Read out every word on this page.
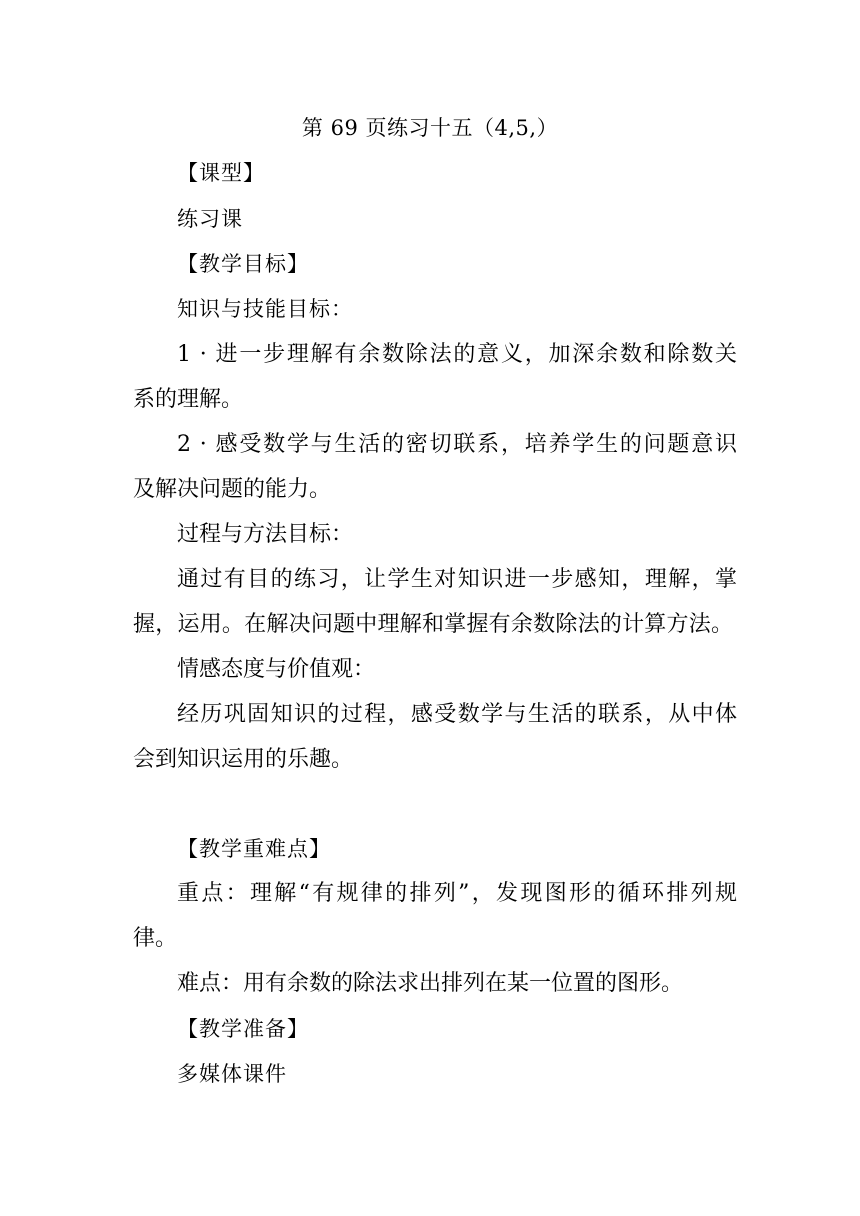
第 69 页练习十五（4,5,）
【课型】
练习课
【教学目标】
知识与技能目标：
1 · 进一步理解有余数除法的意义，加深余数和除数关
系的理解。
2 · 感受数学与生活的密切联系，培养学生的问题意识
及解决问题的能力。
过程与方法目标：
通过有目的练习，让学生对知识进一步感知，理解，掌
握，运用。在解决问题中理解和掌握有余数除法的计算方法。
情感态度与价值观：
经历巩固知识的过程，感受数学与生活的联系，从中体
会到知识运用的乐趣。
【教学重难点】
重点：理解“有规律的排列”，发现图形的循环排列规
律。
难点：用有余数的除法求出排列在某一位置的图形。
【教学准备】
多媒体课件
